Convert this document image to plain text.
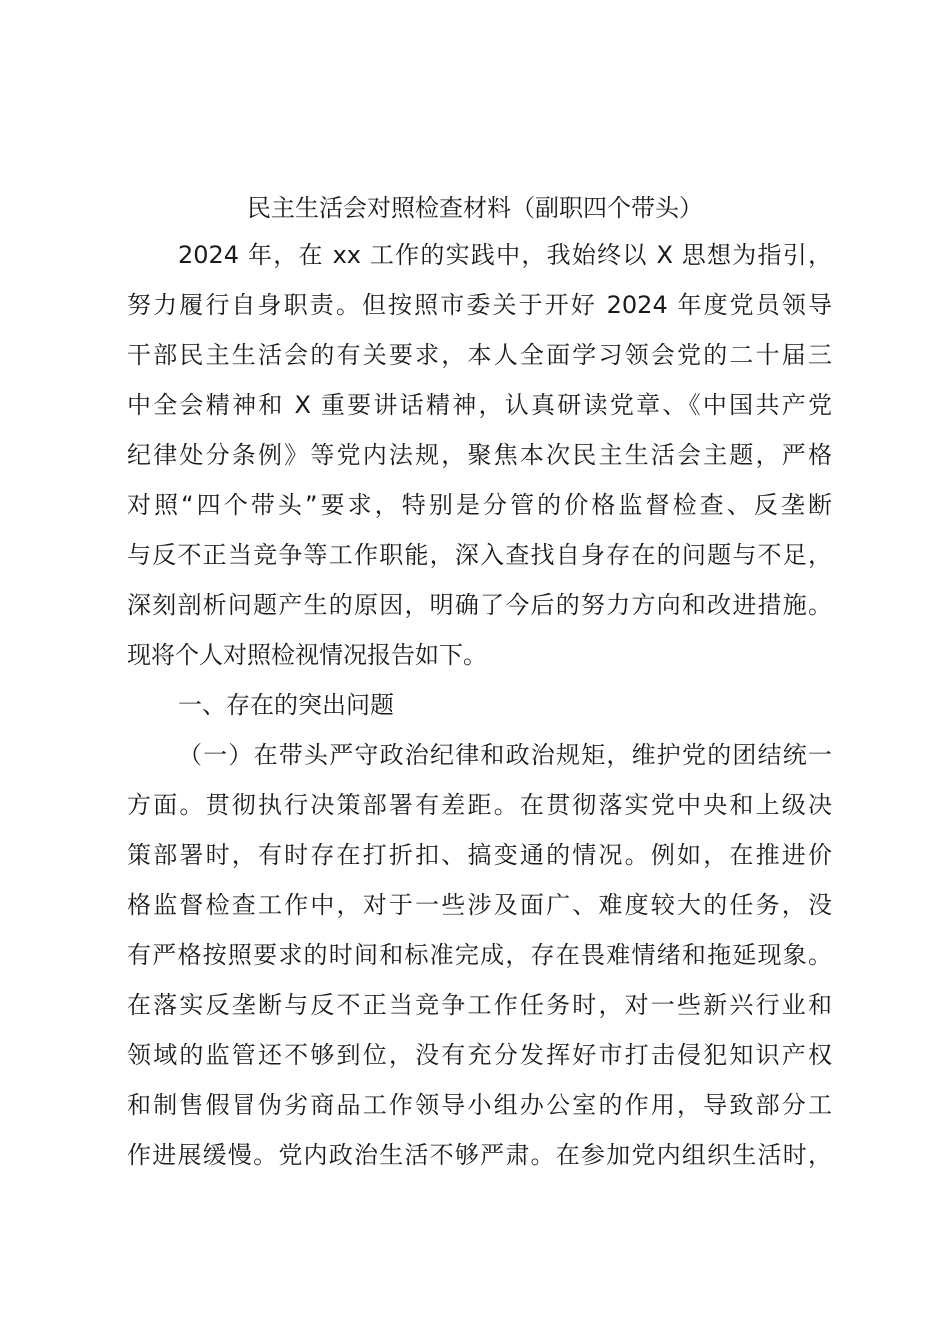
民主生活会对照检查材料（副职四个带头）
2024 年，在 xx 工作的实践中，我始终以 X 思想为指引，
努力履行自身职责。但按照市委关于开好 2024 年度党员领导
干部民主生活会的有关要求，本人全面学习领会党的二十届三
中全会精神和 X 重要讲话精神，认真研读党章、《中国共产党
纪律处分条例》等党内法规，聚焦本次民主生活会主题，严格
对照“四个带头”要求，特别是分管的价格监督检查、反垄断
与反不正当竞争等工作职能，深入查找自身存在的问题与不足，
深刻剖析问题产生的原因，明确了今后的努力方向和改进措施。
现将个人对照检视情况报告如下。
一、存在的突出问题
（一）在带头严守政治纪律和政治规矩，维护党的团结统一
方面。贯彻执行决策部署有差距。在贯彻落实党中央和上级决
策部署时，有时存在打折扣、搞变通的情况。例如，在推进价
格监督检查工作中，对于一些涉及面广、难度较大的任务，没
有严格按照要求的时间和标准完成，存在畏难情绪和拖延现象。
在落实反垄断与反不正当竞争工作任务时，对一些新兴行业和
领域的监管还不够到位，没有充分发挥好市打击侵犯知识产权
和制售假冒伪劣商品工作领导小组办公室的作用，导致部分工
作进展缓慢。党内政治生活不够严肃。在参加党内组织生活时，
